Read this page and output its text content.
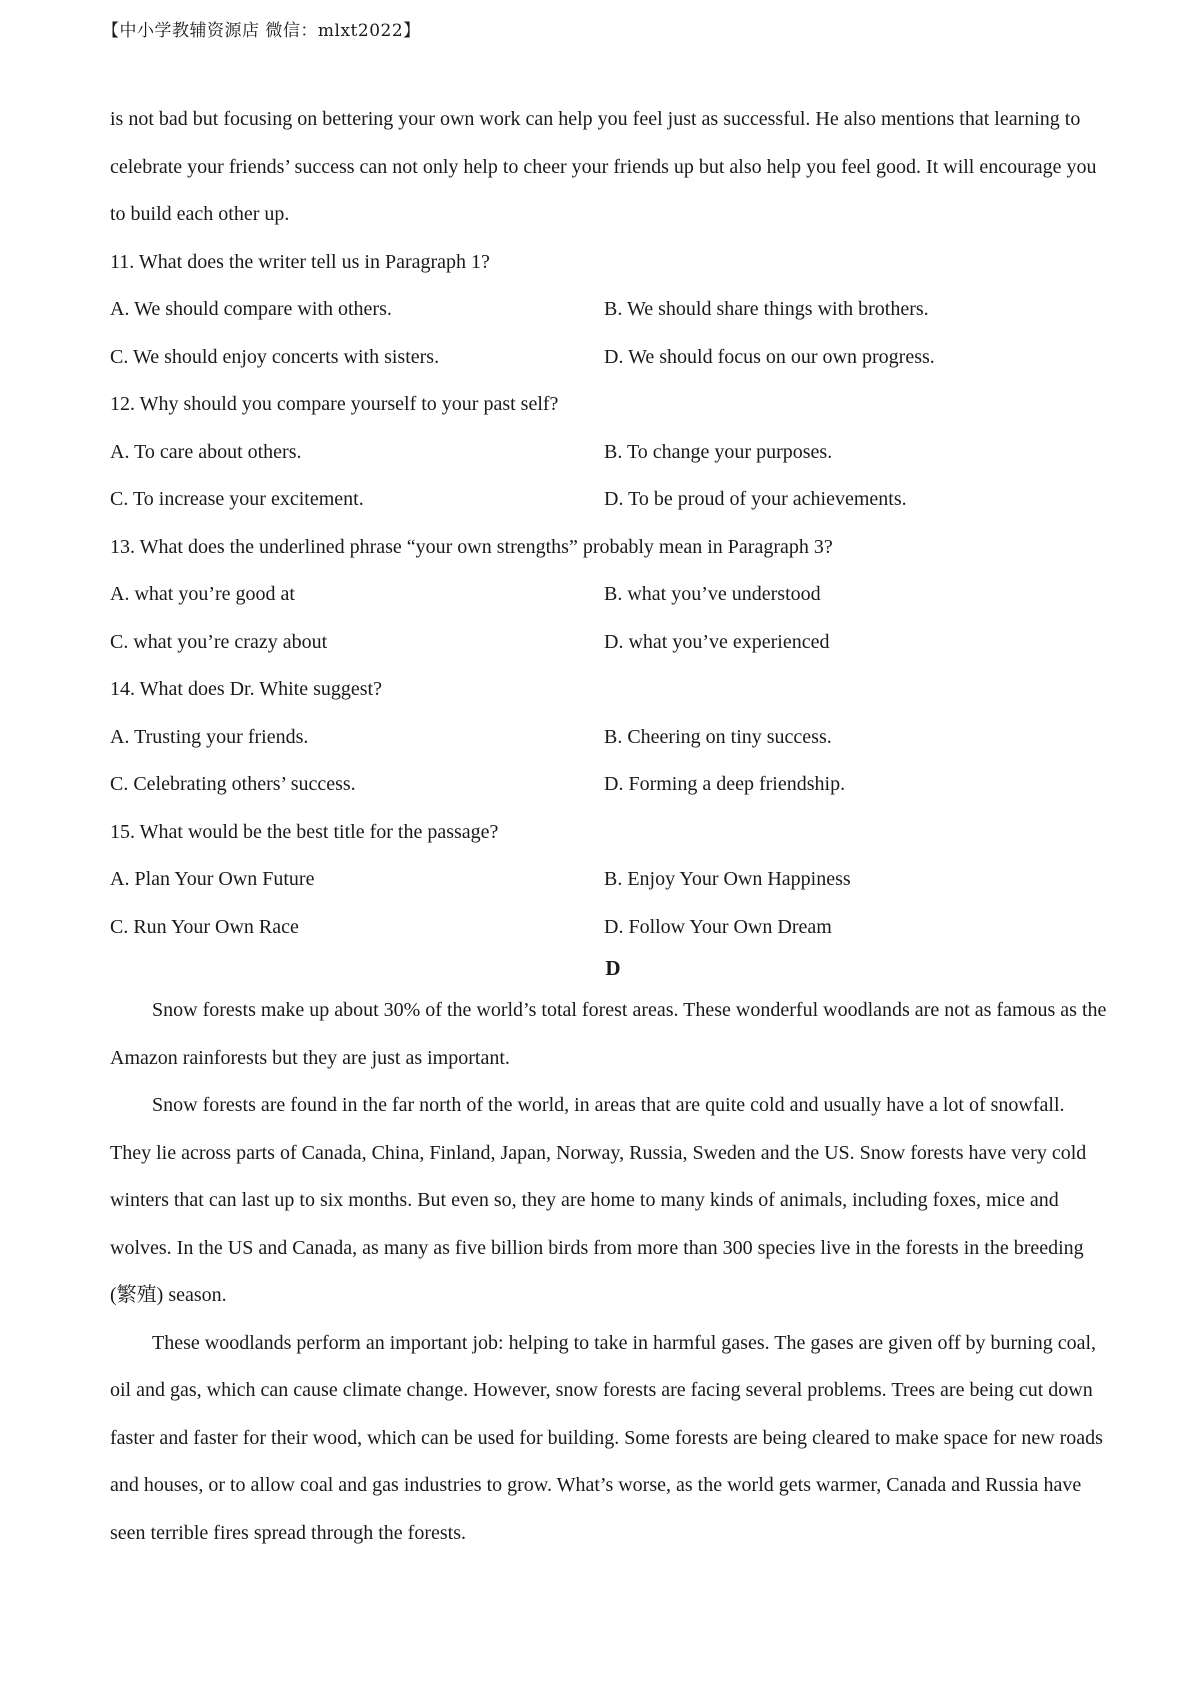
【中小学教辅资源店 微信：mlxt2022】

is not bad but focusing on bettering your own work can help you feel just as successful. He also mentions that learning to celebrate your friends’ success can not only help to cheer your friends up but also help you feel good. It will encourage you to build each other up.

11. What does the writer tell us in Paragraph 1?

A. We should compare with others.	B. We should share things with brothers.
C. We should enjoy concerts with sisters.	D. We should focus on our own progress.

12. Why should you compare yourself to your past self?

A. To care about others.	B. To change your purposes.
C. To increase your excitement.	D. To be proud of your achievements.

13. What does the underlined phrase “your own strengths” probably mean in Paragraph 3?

A. what you’re good at	B. what you’ve understood
C. what you’re crazy about	D. what you’ve experienced

14. What does Dr. White suggest?

A. Trusting your friends.	B. Cheering on tiny success.
C. Celebrating others’ success.	D. Forming a deep friendship.

15. What would be the best title for the passage?

A. Plan Your Own Future	B. Enjoy Your Own Happiness
C. Run Your Own Race	D. Follow Your Own Dream
D

Snow forests make up about 30% of the world’s total forest areas. These wonderful woodlands are not as famous as the Amazon rainforests but they are just as important.

Snow forests are found in the far north of the world, in areas that are quite cold and usually have a lot of snowfall. They lie across parts of Canada, China, Finland, Japan, Norway, Russia, Sweden and the US. Snow forests have very cold winters that can last up to six months. But even so, they are home to many kinds of animals, including foxes, mice and wolves. In the US and Canada, as many as five billion birds from more than 300 species live in the forests in the breeding (繁殖) season.

These woodlands perform an important job: helping to take in harmful gases. The gases are given off by burning coal, oil and gas, which can cause climate change. However, snow forests are facing several problems. Trees are being cut down faster and faster for their wood, which can be used for building. Some forests are being cleared to make space for new roads and houses, or to allow coal and gas industries to grow. What’s worse, as the world gets warmer, Canada and Russia have seen terrible fires spread through the forests.
